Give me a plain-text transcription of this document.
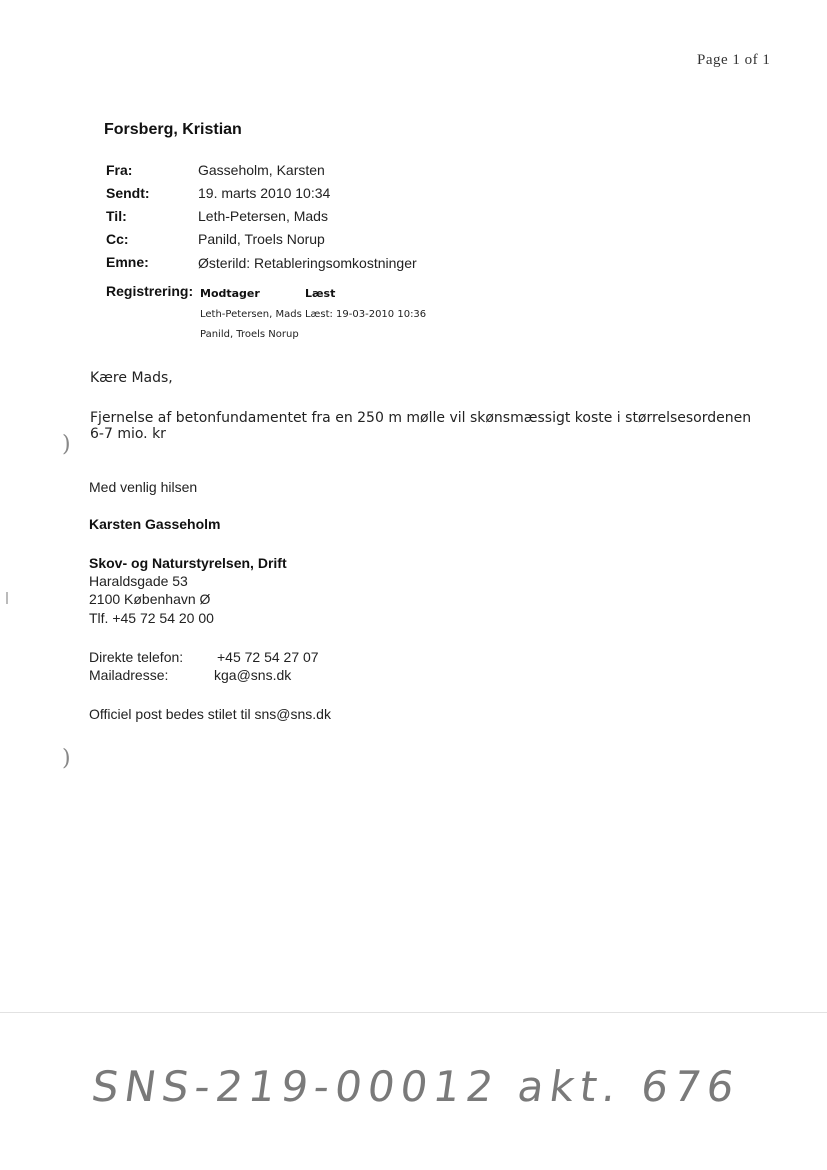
Page 1 of 1
Forsberg, Kristian
Fra:	Gasseholm, Karsten
Sendt:	19. marts 2010 10:34
Til:	Leth-Petersen, Mads
Cc:	Panild, Troels Norup
Emne:	Østerild: Retableringsomkostninger
Registrering: Modtager	Læst
Leth-Petersen, Mads Læst: 19-03-2010 10:36
Panild, Troels Norup
Kære Mads,
Fjernelse af betonfundamentet fra en 250 m mølle vil skønsmæssigt koste i størrelsesordenen
6-7 mio. kr
Med venlig hilsen
Karsten Gasseholm
Skov- og Naturstyrelsen, Drift
Haraldsgade 53
2100 København Ø
Tlf. +45 72 54 20 00
Direkte telefon: +45 72 54 27 07
Mailadresse:	kga@sns.dk
Officiel post bedes stilet til sns@sns.dk
)
)
SNS-219-00012 akt. 676
